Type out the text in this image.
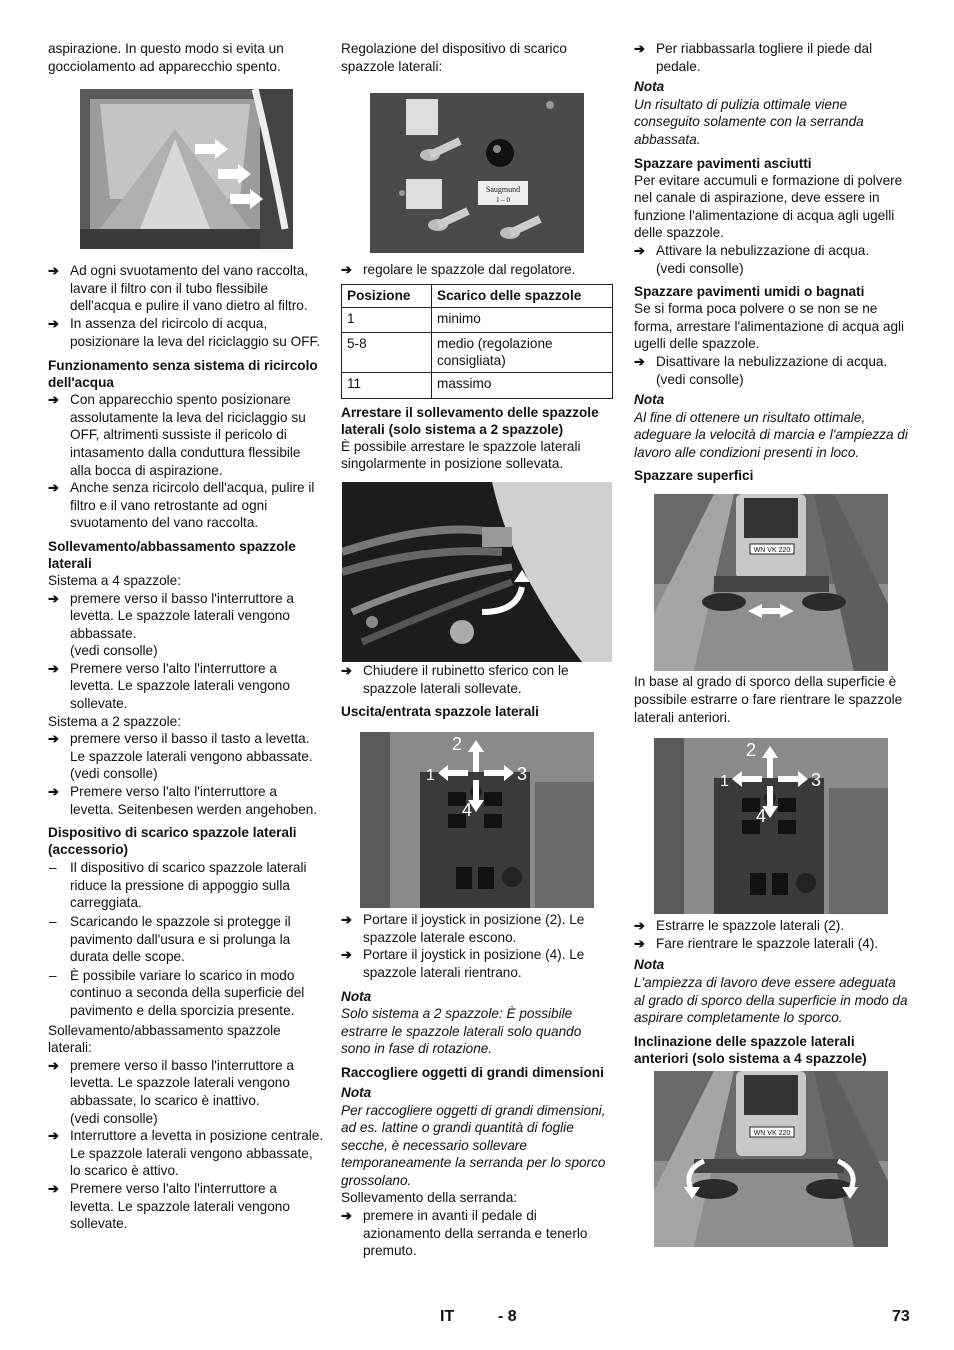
aspirazione. In questo modo si evita un gocciolamento ad apparecchio spento.

➔ Ad ogni svuotamento del vano raccolta, lavare il filtro con il tubo flessibile dell'acqua e pulire il vano dietro al filtro.

➔ In assenza del ricircolo di acqua, posizionare la leva del riciclaggio su OFF.

Funzionamento senza sistema di ricircolo dell'acqua

➔ Con apparecchio spento posizionare assolutamente la leva del riciclaggio su OFF, altrimenti sussiste il pericolo di intasamento dalla conduttura flessibile alla bocca di aspirazione.

➔ Anche senza ricircolo dell'acqua, pulire il filtro e il vano retrostante ad ogni svuotamento del vano raccolta.

Sollevamento/abbassamento spazzole laterali

Sistema a 4 spazzole:

➔ premere verso il basso l'interruttore a levetta. Le spazzole laterali vengono abbassate.

(vedi consolle)

➔ Premere verso l'alto l'interruttore a levetta. Le spazzole laterali vengono sollevate.

Sistema a 2 spazzole:

➔ premere verso il basso il tasto a levetta. Le spazzole laterali vengono abbassate.

(vedi consolle)

➔ Premere verso l'alto l'interruttore a levetta. Seitenbesen werden angehoben.

Dispositivo di scarico spazzole laterali (accessorio)

– Il dispositivo di scarico spazzole laterali riduce la pressione di appoggio sulla carreggiata.

– Scaricando le spazzole si protegge il pavimento dall'usura e si prolunga la durata delle scope.

– È possibile variare lo scarico in modo continuo a seconda della superficie del pavimento e della sporcizia presente.

Sollevamento/abbassamento spazzole laterali:

➔ premere verso il basso l'interruttore a levetta. Le spazzole laterali vengono abbassate, lo scarico è inattivo.

(vedi consolle)

➔ Interruttore a levetta in posizione centrale. Le spazzole laterali vengono abbassate, lo scarico è attivo.

➔ Premere verso l'alto l'interruttore a levetta. Le spazzole laterali vengono sollevate.

Regolazione del dispositivo di scarico spazzole laterali:

Saugmund
1 – 0

➔ regolare le spazzole dal regolatore.

Posizione	Scarico delle spazzole
1	minimo
5-8	medio (regolazione consigliata)
11	massimo

Arrestare il sollevamento delle spazzole laterali (solo sistema a 2 spazzole)

È possibile arrestare le spazzole laterali singolarmente in posizione sollevata.

➔ Chiudere il rubinetto sferico con le spazzole laterali sollevate.

Uscita/entrata spazzole laterali

2
1	3
4

➔ Portare il joystick in posizione (2). Le spazzole laterale escono.

➔ Portare il joystick in posizione (4). Le spazzole laterali rientrano.

Nota

Solo sistema a 2 spazzole: È possibile estrarre le spazzole laterali solo quando sono in fase di rotazione.

Raccogliere oggetti di grandi dimensioni

Nota

Per raccogliere oggetti di grandi dimensioni, ad es. lattine o grandi quantità di foglie secche, è necessario sollevare temporaneamente la serranda per lo sporco grossolano.

Sollevamento della serranda:

➔ premere in avanti il pedale di azionamento della serranda e tenerlo premuto.

➔ Per riabbassarla togliere il piede dal pedale.

Nota

Un risultato di pulizia ottimale viene conseguito solamente con la serranda abbassata.

Spazzare pavimenti asciutti

Per evitare accumuli e formazione di polvere nel canale di aspirazione, deve essere in funzione l'alimentazione di acqua agli ugelli delle spazzole.

➔ Attivare la nebulizzazione di acqua.

(vedi consolle)

Spazzare pavimenti umidi o bagnati

Se si forma poca polvere o se non se ne forma, arrestare l'alimentazione di acqua agli ugelli delle spazzole.

➔ Disattivare la nebulizzazione di acqua.

(vedi consolle)

Nota

Al fine di ottenere un risultato ottimale, adeguare la velocità di marcia e l'ampiezza di lavoro alle condizioni presenti in loco.

Spazzare superfici

WN VK 220

In base al grado di sporco della superficie è possibile estrarre o fare rientrare le spazzole laterali anteriori.

2
1	3
4

➔ Estrarre le spazzole laterali (2).

➔ Fare rientrare le spazzole laterali (4).

Nota

L'ampiezza di lavoro deve essere adeguata al grado di sporco della superficie in modo da aspirare completamente lo sporco.

Inclinazione delle spazzole laterali anteriori (solo sistema a 4 spazzole)

WN VK 220
IT	- 8	73
